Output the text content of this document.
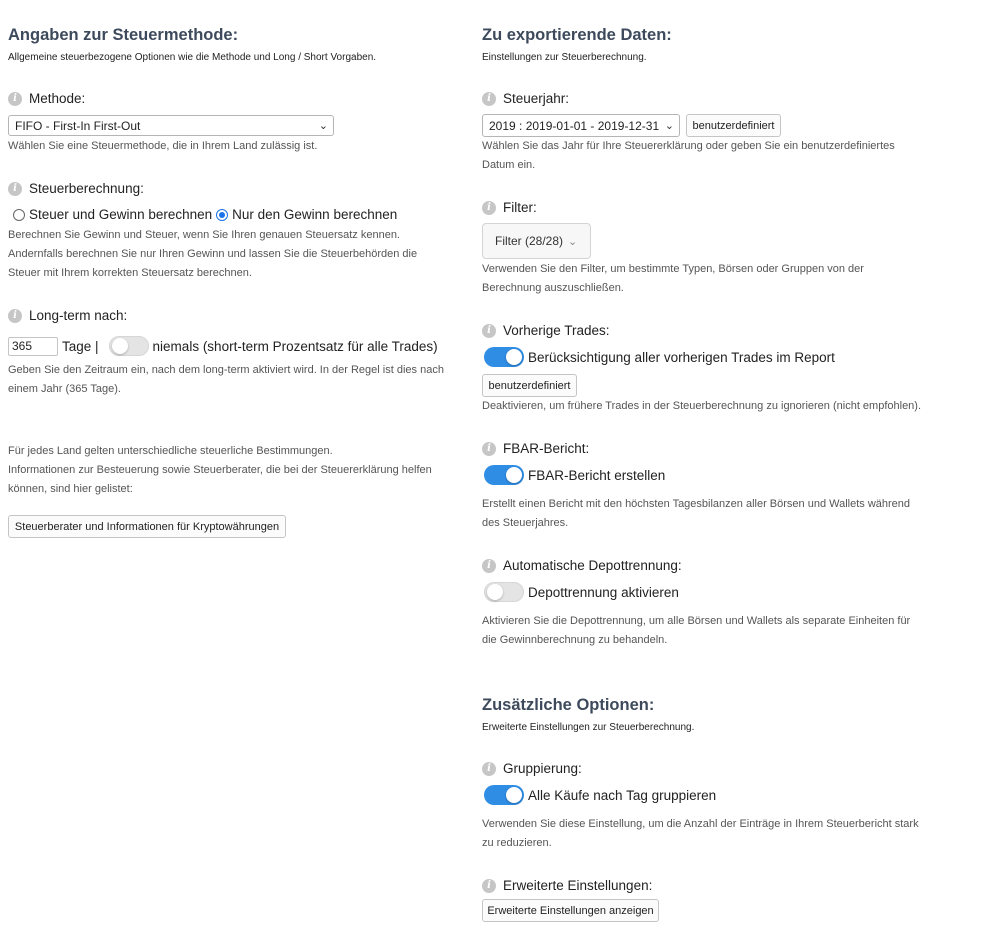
Angaben zur Steuermethode:
Allgemeine steuerbezogene Optionen wie die Methode und Long / Short Vorgaben.
i Methode:
FIFO - First-In First-Out	⌄
Wählen Sie eine Steuermethode, die in Ihrem Land zulässig ist.
i Steuerberechnung:
Steuer und Gewinn berechnen Nur den Gewinn berechnen
Berechnen Sie Gewinn und Steuer, wenn Sie Ihren genauen Steuersatz kennen.
Andernfalls berechnen Sie nur Ihren Gewinn und lassen Sie die Steuerbehörden die
Steuer mit Ihrem korrekten Steuersatz berechnen.
i Long-term nach:
365	Tage |	niemals (short-term Prozentsatz für alle Trades)
Geben Sie den Zeitraum ein, nach dem long-term aktiviert wird. In der Regel ist dies nach
einem Jahr (365 Tage).
Für jedes Land gelten unterschiedliche steuerliche Bestimmungen.
Informationen zur Besteuerung sowie Steuerberater, die bei der Steuererklärung helfen
können, sind hier gelistet:
Steuerberater und Informationen für Kryptowährungen
Zu exportierende Daten:
Einstellungen zur Steuerberechnung.
i Steuerjahr:
2019 : 2019-01-01 - 2019-12-31 ⌄	benutzerdefiniert
Wählen Sie das Jahr für Ihre Steuererklärung oder geben Sie ein benutzerdefiniertes
Datum ein.
i Filter:
Filter (28/28) ⌄
Verwenden Sie den Filter, um bestimmte Typen, Börsen oder Gruppen von der
Berechnung auszuschließen.
i Vorherige Trades:
Berücksichtigung aller vorherigen Trades im Report
benutzerdefiniert
Deaktivieren, um frühere Trades in der Steuerberechnung zu ignorieren (nicht empfohlen).
i FBAR-Bericht:
FBAR-Bericht erstellen
Erstellt einen Bericht mit den höchsten Tagesbilanzen aller Börsen und Wallets während
des Steuerjahres.
i Automatische Depottrennung:
Depottrennung aktivieren
Aktivieren Sie die Depottrennung, um alle Börsen und Wallets als separate Einheiten für
die Gewinnberechnung zu behandeln.
Zusätzliche Optionen:
Erweiterte Einstellungen zur Steuerberechnung.
i Gruppierung:
Alle Käufe nach Tag gruppieren
Verwenden Sie diese Einstellung, um die Anzahl der Einträge in Ihrem Steuerbericht stark
zu reduzieren.
i Erweiterte Einstellungen:
Erweiterte Einstellungen anzeigen
